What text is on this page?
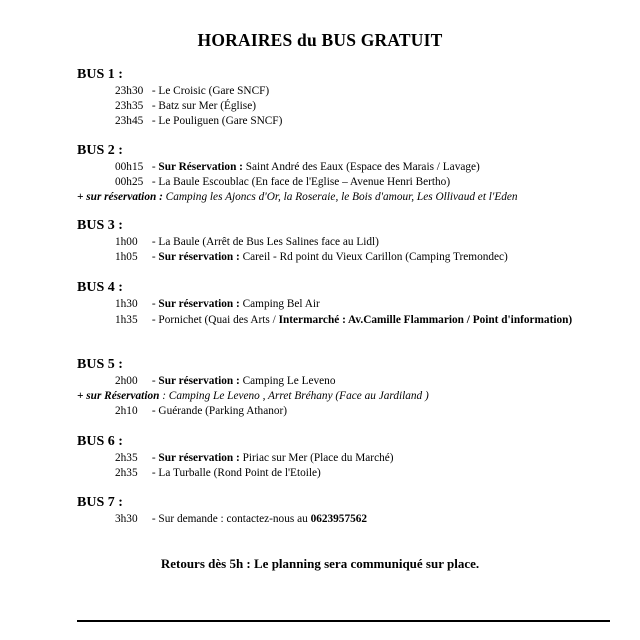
HORAIRES du BUS GRATUIT
BUS 1 :
23h30 - Le Croisic (Gare SNCF)
23h35 - Batz sur Mer (Église)
23h45 - Le Pouliguen (Gare SNCF)
BUS 2 :
00h15 - Sur Réservation : Saint André des Eaux (Espace des Marais / Lavage)
00h25 - La Baule Escoublac (En face de l'Eglise – Avenue Henri Bertho)
+ sur réservation : Camping les Ajoncs d'Or, la Roseraie, le Bois d'amour, Les Ollivaud et l'Eden
BUS 3 :
1h00 - La Baule (Arrêt de Bus Les Salines face au Lidl)
1h05 - Sur réservation : Careil - Rd point du Vieux Carillon (Camping Tremondec)
BUS 4 :
1h30 - Sur réservation : Camping Bel Air
1h35 - Pornichet (Quai des Arts / Intermarché : Av.Camille Flammarion / Point d'information)
BUS 5 :
2h00 - Sur réservation : Camping Le Leveno
+ sur Réservation : Camping Le Leveno , Arret Bréhany (Face au Jardiland )
2h10 - Guérande (Parking Athanor)
BUS 6 :
2h35 - Sur réservation : Piriac sur Mer (Place du Marché)
2h35 - La Turballe (Rond Point de l'Etoile)
BUS 7 :
3h30 - Sur demande : contactez-nous au 0623957562
Retours dès 5h : Le planning sera communiqué sur place.
